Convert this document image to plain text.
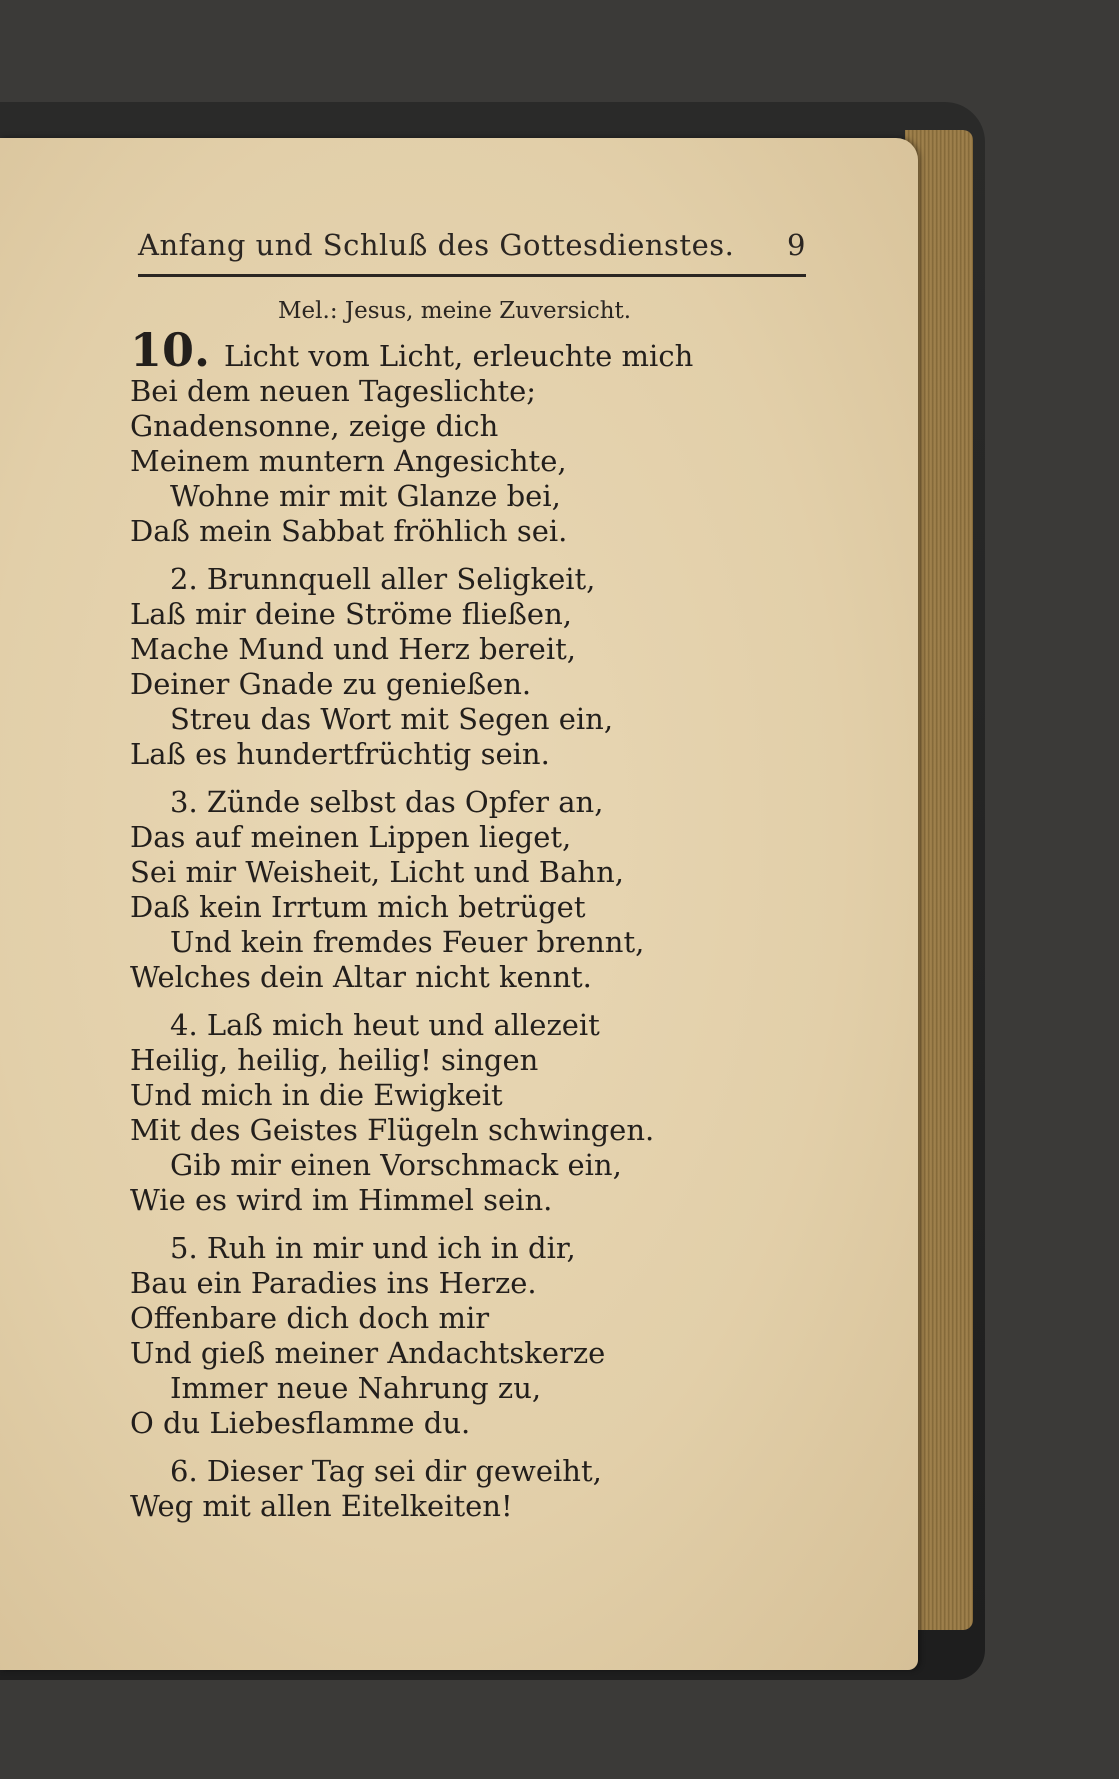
Anfang und Schluß des Gottesdienstes. 9
Mel.: Jesus, meine Zuversicht.
10. Licht vom Licht, erleuchte mich
Bei dem neuen Tageslichte;
Gnadensonne, zeige dich
Meinem muntern Angesichte,
Wohne mir mit Glanze bei,
Daß mein Sabbat fröhlich sei.
2. Brunnquell aller Seligkeit,
Laß mir deine Ströme fließen,
Mache Mund und Herz bereit,
Deiner Gnade zu genießen.
Streu das Wort mit Segen ein,
Laß es hundertfrüchtig sein.
3. Zünde selbst das Opfer an,
Das auf meinen Lippen lieget,
Sei mir Weisheit, Licht und Bahn,
Daß kein Irrtum mich betrüget
Und kein fremdes Feuer brennt,
Welches dein Altar nicht kennt.
4. Laß mich heut und allezeit
Heilig, heilig, heilig! singen
Und mich in die Ewigkeit
Mit des Geistes Flügeln schwingen.
Gib mir einen Vorschmack ein,
Wie es wird im Himmel sein.
5. Ruh in mir und ich in dir,
Bau ein Paradies ins Herze.
Offenbare dich doch mir
Und gieß meiner Andachtskerze
Immer neue Nahrung zu,
O du Liebesflamme du.
6. Dieser Tag sei dir geweiht,
Weg mit allen Eitelkeiten!
